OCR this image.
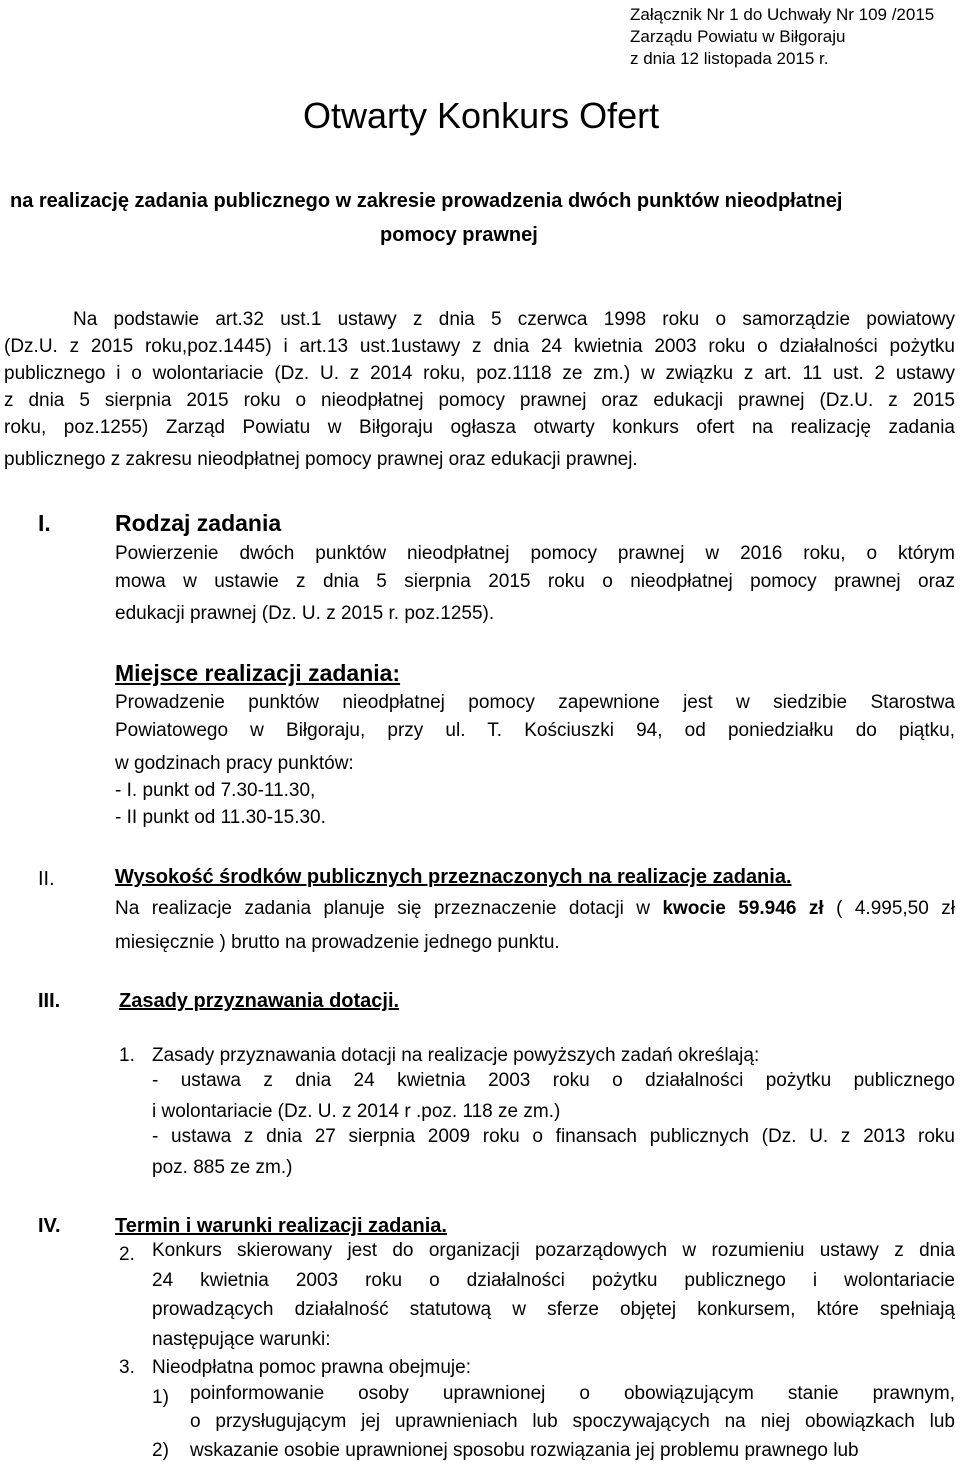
Załącznik Nr 1 do Uchwały Nr 109 /2015
Zarządu Powiatu w Biłgoraju
z dnia 12 listopada 2015 r.
Otwarty Konkurs Ofert
na realizację zadania publicznego w zakresie prowadzenia dwóch punktów nieodpłatnej
pomocy prawnej
Na podstawie art.32 ust.1 ustawy z dnia 5 czerwca 1998 roku o samorządzie powiatowy
(Dz.U. z 2015 roku,poz.1445) i art.13 ust.1ustawy z dnia 24 kwietnia 2003 roku o działalności pożytku
publicznego i o wolontariacie (Dz. U. z 2014 roku, poz.1118 ze zm.) w związku z art. 11 ust. 2 ustawy
z dnia 5 sierpnia 2015 roku o nieodpłatnej pomocy prawnej oraz edukacji prawnej (Dz.U. z 2015
roku, poz.1255) Zarząd Powiatu w Biłgoraju ogłasza otwarty konkurs ofert na realizację zadania
publicznego z zakresu nieodpłatnej pomocy prawnej oraz edukacji prawnej.
I.	Rodzaj zadania
Powierzenie dwóch punktów nieodpłatnej pomocy prawnej w 2016 roku, o którym
mowa w ustawie z dnia 5 sierpnia 2015 roku o nieodpłatnej pomocy prawnej oraz
edukacji prawnej (Dz. U. z 2015 r. poz.1255).
Miejsce realizacji zadania:
Prowadzenie punktów nieodpłatnej pomocy zapewnione jest w siedzibie Starostwa
Powiatowego w Biłgoraju, przy ul. T. Kościuszki 94, od poniedziałku do piątku,
w godzinach pracy punktów:
- I. punkt od 7.30-11.30,
- II punkt od 11.30-15.30.
II.	Wysokość środków publicznych przeznaczonych na realizacje zadania.
Na realizacje zadania planuje się przeznaczenie dotacji w kwocie 59.946 zł ( 4.995,50 zł
miesięcznie ) brutto na prowadzenie jednego punktu.
III.	Zasady przyznawania dotacji.
1. Zasady przyznawania dotacji na realizacje powyższych zadań określają:
- ustawa z dnia 24 kwietnia 2003 roku o działalności pożytku publicznego
i wolontariacie (Dz. U. z 2014 r .poz. 118 ze zm.)
- ustawa z dnia 27 sierpnia 2009 roku o finansach publicznych (Dz. U. z 2013 roku
poz. 885 ze zm.)
IV.	Termin i warunki realizacji zadania.
2. Konkurs skierowany jest do organizacji pozarządowych w rozumieniu ustawy z dnia
24 kwietnia 2003 roku o działalności pożytku publicznego i wolontariacie
prowadzących działalność statutową w sferze objętej konkursem, które spełniają
następujące warunki:
3. Nieodpłatna pomoc prawna obejmuje:
1) poinformowanie osoby uprawnionej o obowiązującym stanie prawnym,
o przysługującym jej uprawnieniach lub spoczywających na niej obowiązkach lub
2) wskazanie osobie uprawnionej sposobu rozwiązania jej problemu prawnego lub
